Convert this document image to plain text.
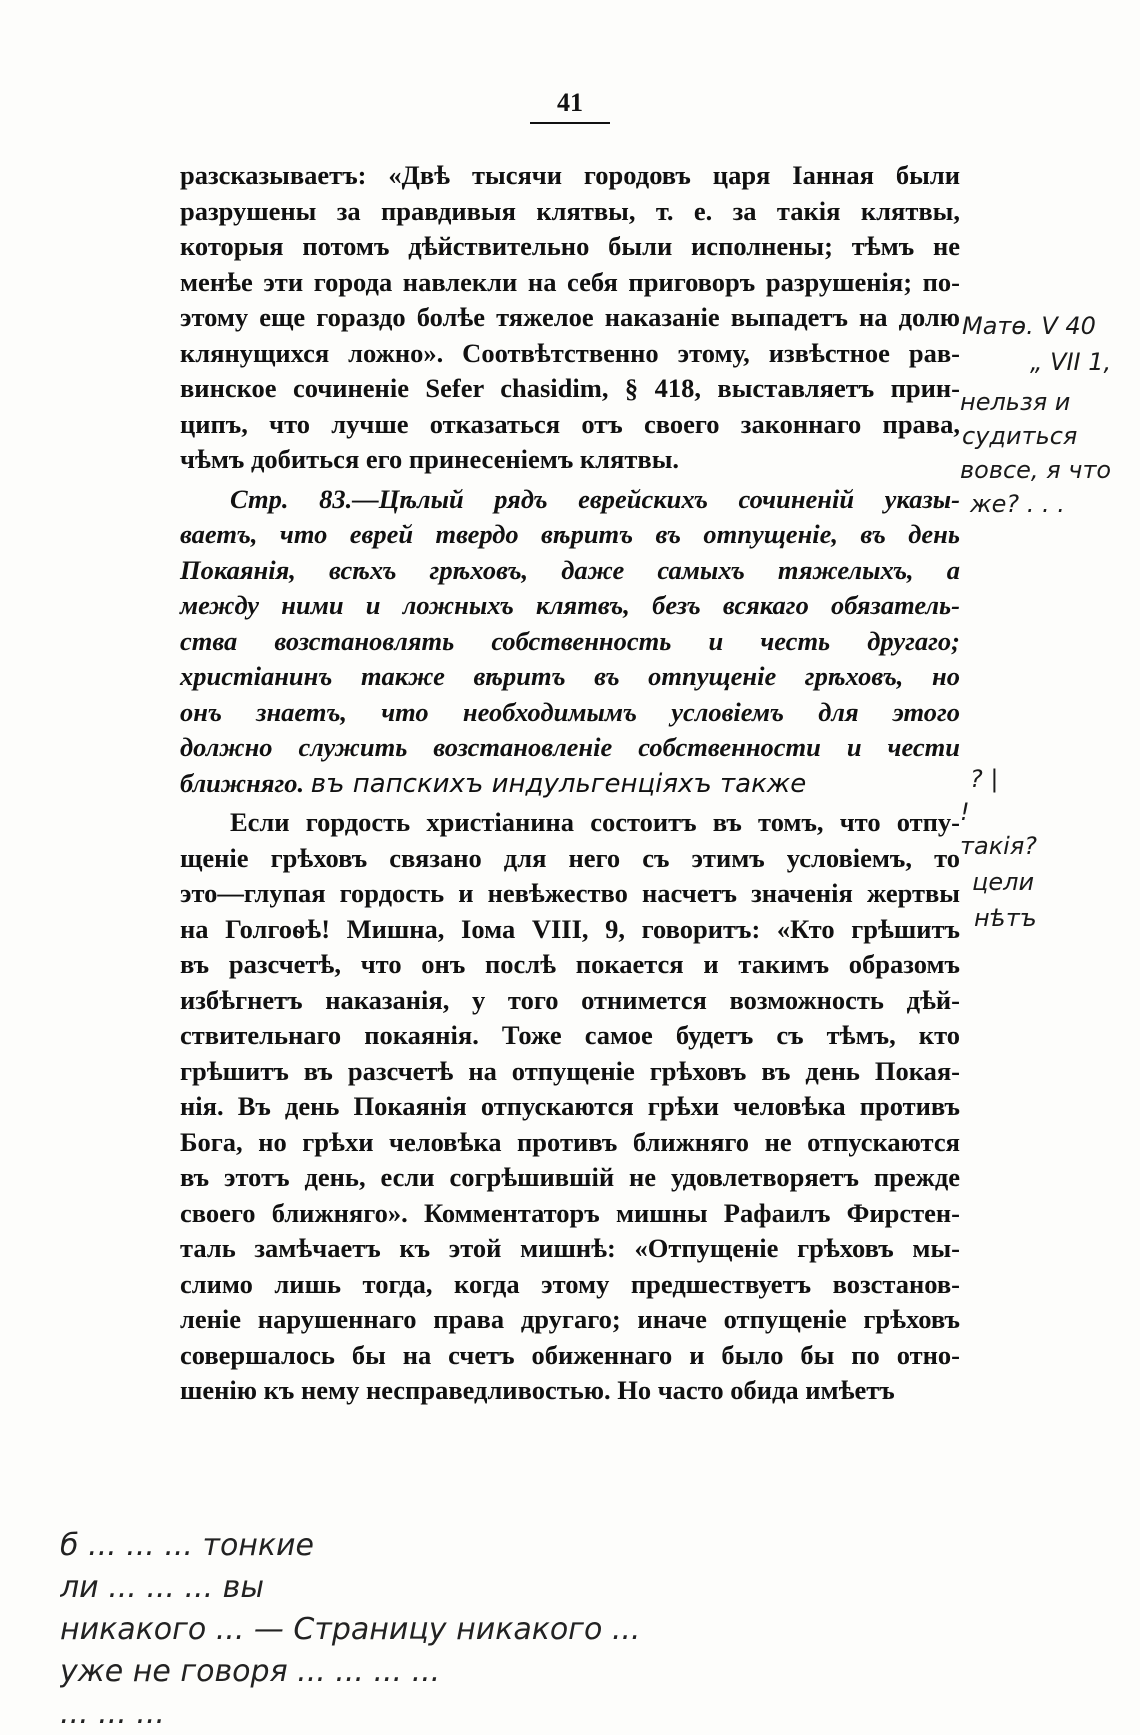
41
разсказываетъ: «Двѣ тысячи городовъ царя Іанная были
разрушены за правдивыя клятвы, т. е. за такія клятвы,
которыя потомъ дѣйствительно были исполнены; тѣмъ не
менѣе эти города навлекли на себя приговоръ разрушенія; по-
этому еще гораздо болѣе тяжелое наказаніе выпадетъ на долю
клянущихся ложно». Соотвѣтственно этому, извѣстное рав-
винское сочиненіе Sefer chasidim, § 418, выставляетъ прин-
ципъ, что лучше отказаться отъ своего законнаго права,
чѣмъ добиться его принесеніемъ клятвы.
Стр. 83.—Цѣлый рядъ еврейскихъ сочиненій указы-
ваетъ, что еврей твердо вѣритъ въ отпущеніе, въ день
Покаянія, всѣхъ грѣховъ, даже самыхъ тяжелыхъ, а
между ними и ложныхъ клятвъ, безъ всякаго обязатель-
ства возстановлять собственность и честь другаго;
христіанинъ также вѣритъ въ отпущеніе грѣховъ, но
онъ знаетъ, что необходимымъ условіемъ для этого
должно служить возстановленіе собственности и чести
ближняго. въ папскихъ индульгенціяхъ также
Если гордость христіанина состоитъ въ томъ, что отпу-
щеніе грѣховъ связано для него съ этимъ условіемъ, то
это—глупая гордость и невѣжество насчетъ значенія жертвы
на Голгоѳѣ! Мишна, Іома VIII, 9, говоритъ: «Кто грѣшитъ
въ разсчетѣ, что онъ послѣ покается и такимъ образомъ
избѣгнетъ наказанія, у того отнимется возможность дѣй-
ствительнаго покаянія. Тоже самое будетъ съ тѣмъ, кто
грѣшитъ въ разсчетѣ на отпущеніе грѣховъ въ день Покая-
нія. Въ день Покаянія отпускаются грѣхи человѣка противъ
Бога, но грѣхи человѣка противъ ближняго не отпускаются
въ этотъ день, если согрѣшившій не удовлетворяетъ прежде
своего ближняго». Комментаторъ мишны Рафаилъ Фирстен-
таль замѣчаетъ къ этой мишнѣ: «Отпущеніе грѣховъ мы-
слимо лишь тогда, когда этому предшествуетъ возстанов-
леніе нарушеннаго права другаго; иначе отпущеніе грѣховъ
совершалось бы на счетъ обиженнаго и было бы по отно-
шенію къ нему несправедливостью. Но часто обида имѣетъ
Матѳ. V 40
„ VII 1,
нельзя и
судиться
вовсе, я что
же? . . .
? |
!
такія?
цели
нѣтъ
б ... ... ... тонкие
ли ... ... ... вы
никакого ... — Страницу никакого ...
уже не говоря ... ... ... ...
... ... ...
